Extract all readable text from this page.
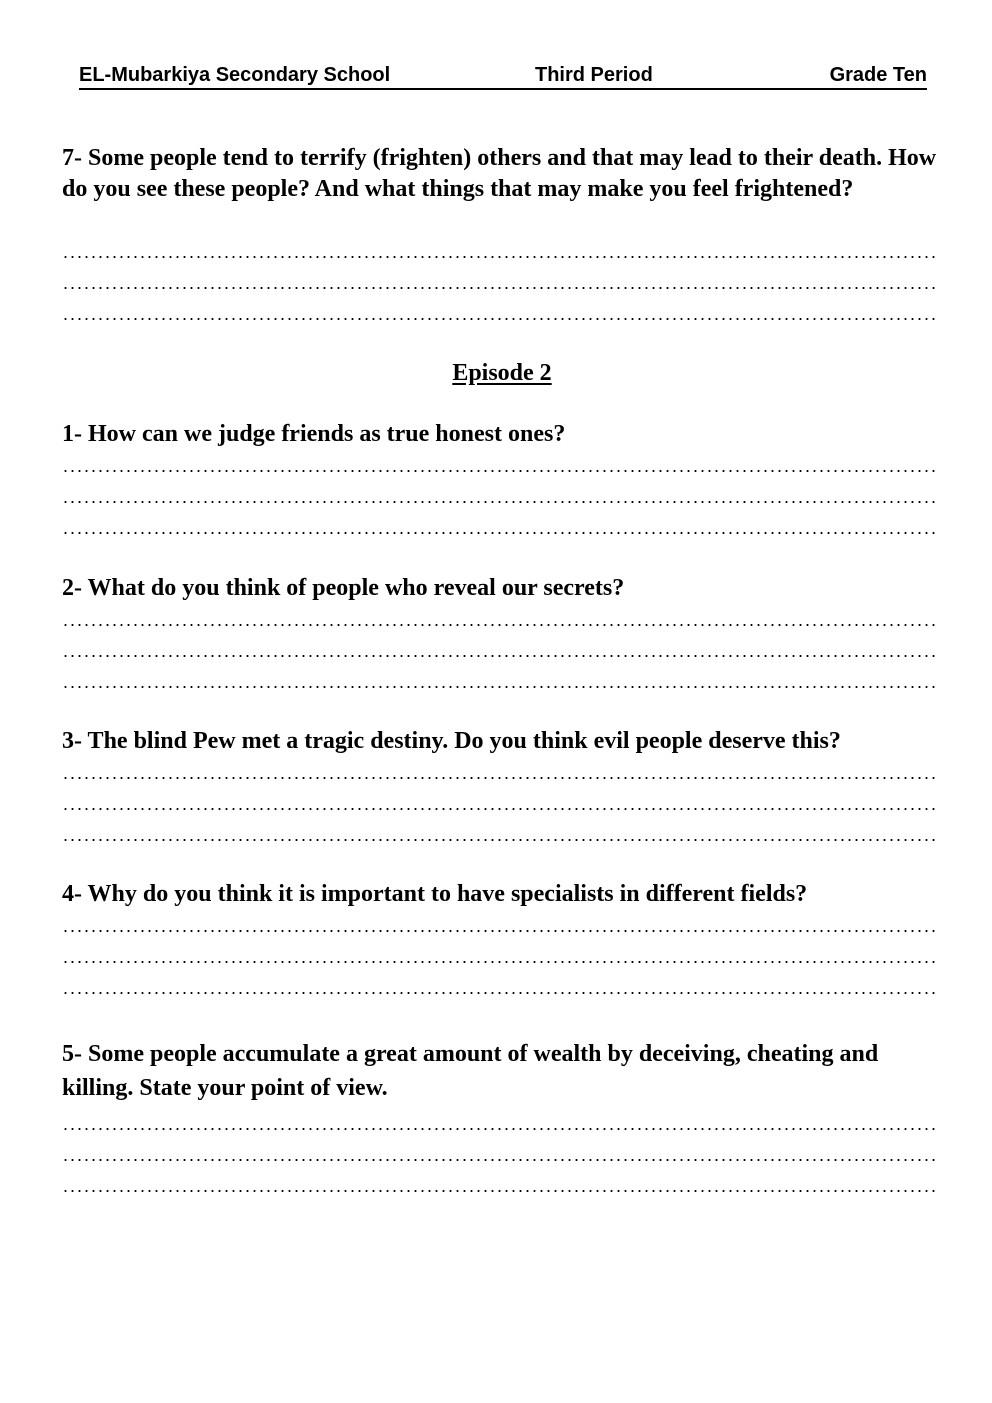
EL-Mubarkiya Secondary School	Third Period	Grade Ten
7- Some people tend to terrify (frighten) others and that may lead to their death. How do you see these people? And what things that may make you feel frightened?
Episode 2
1- How can we judge friends as true honest ones?
2- What do you think of people who reveal our secrets?
3- The blind Pew met a tragic destiny. Do you think evil people deserve this?
4- Why do you think it is important to have specialists in different fields?
5- Some people accumulate a great amount of wealth by deceiving, cheating and killing. State your point of view.
